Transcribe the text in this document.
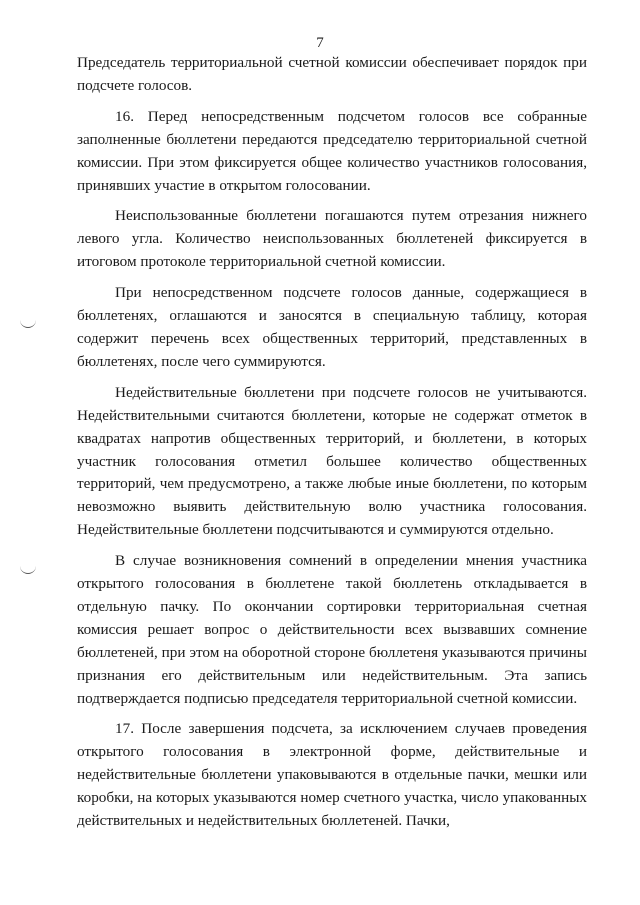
7

Председатель территориальной счетной комиссии обеспечивает порядок при подсчете голосов.

16. Перед непосредственным подсчетом голосов все собранные заполненные бюллетени передаются председателю территориальной счетной комиссии. При этом фиксируется общее количество участников голосования, принявших участие в открытом голосовании.

Неиспользованные бюллетени погашаются путем отрезания нижнего левого угла. Количество неиспользованных бюллетеней фиксируется в итоговом протоколе территориальной счетной комиссии.

При непосредственном подсчете голосов данные, содержащиеся в бюллетенях, оглашаются и заносятся в специальную таблицу, которая содержит перечень всех общественных территорий, представленных в бюллетенях, после чего суммируются.

Недействительные бюллетени при подсчете голосов не учитываются. Недействительными считаются бюллетени, которые не содержат отметок в квадратах напротив общественных территорий, и бюллетени, в которых участник голосования отметил большее количество общественных территорий, чем предусмотрено, а также любые иные бюллетени, по которым невозможно выявить действительную волю участника голосования. Недействительные бюллетени подсчитываются и суммируются отдельно.

В случае возникновения сомнений в определении мнения участника открытого голосования в бюллетене такой бюллетень откладывается в отдельную пачку. По окончании сортировки территориальная счетная комиссия решает вопрос о действительности всех вызвавших сомнение бюллетеней, при этом на оборотной стороне бюллетеня указываются причины признания его действительным или недействительным. Эта запись подтверждается подписью председателя территориальной счетной комиссии.

17. После завершения подсчета, за исключением случаев проведения открытого голосования в электронной форме, действительные и недействительные бюллетени упаковываются в отдельные пачки, мешки или коробки, на которых указываются номер счетного участка, число упакованных действительных и недействительных бюллетеней. Пачки,
